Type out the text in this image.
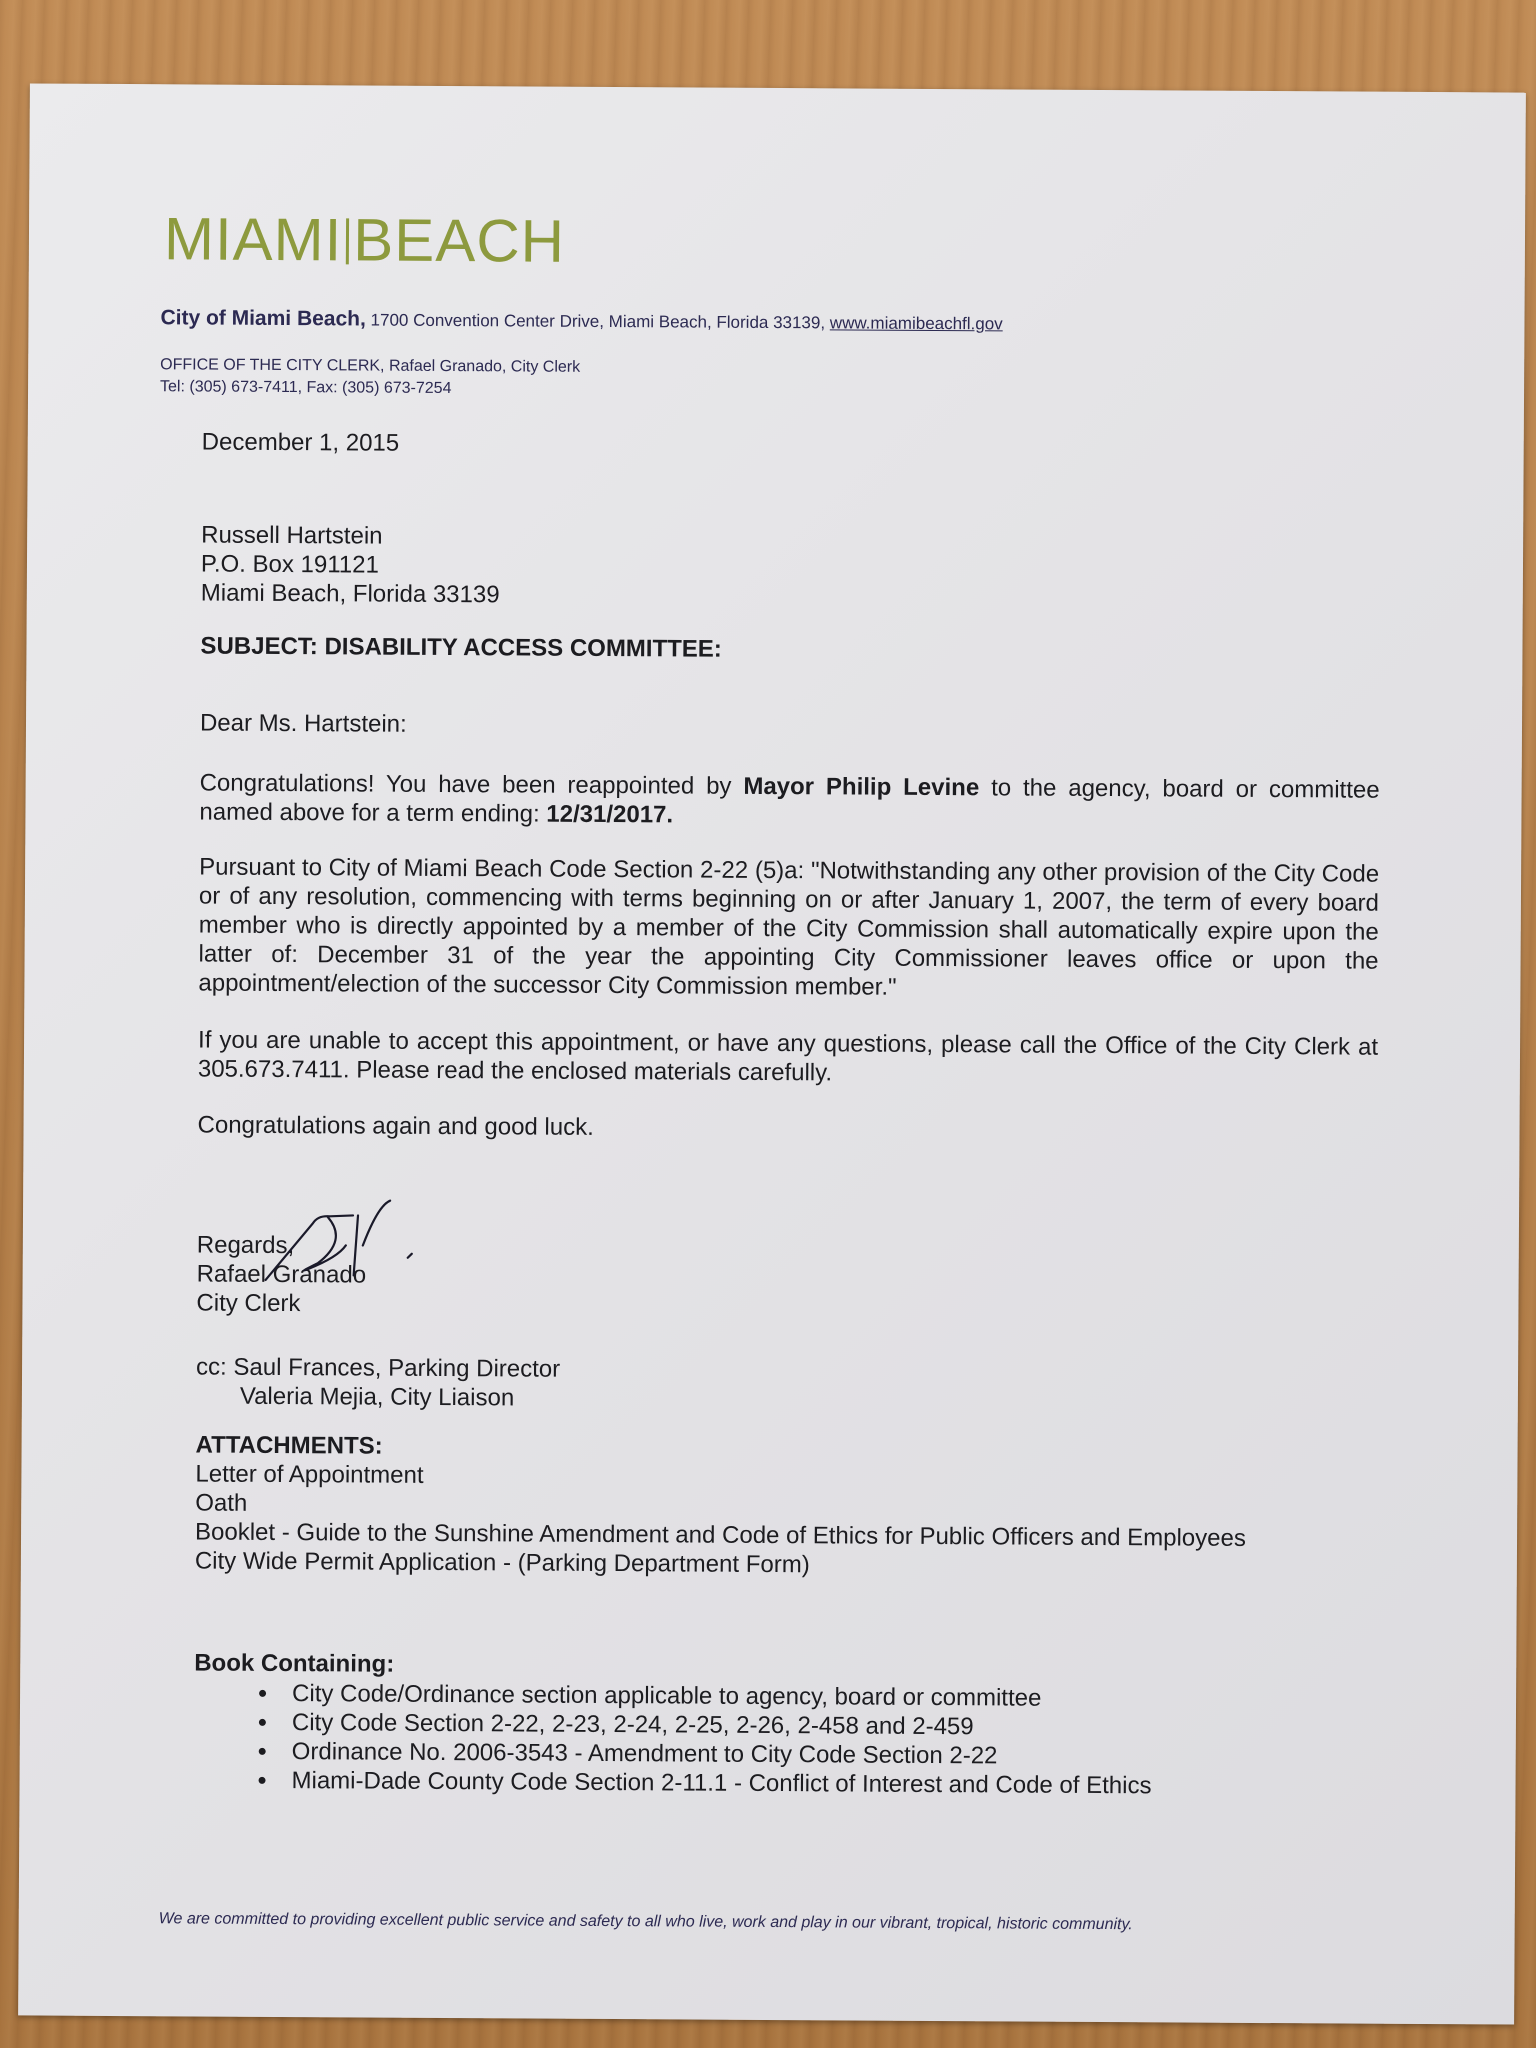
MIAMI BEACH
City of Miami Beach, 1700 Convention Center Drive, Miami Beach, Florida 33139, www.miamibeachfl.gov
OFFICE OF THE CITY CLERK, Rafael Granado, City Clerk
Tel: (305) 673-7411, Fax: (305) 673-7254
December 1, 2015
Russell Hartstein
P.O. Box 191121
Miami Beach, Florida 33139
SUBJECT: DISABILITY ACCESS COMMITTEE:
Dear Ms. Hartstein:
Congratulations! You have been reappointed by Mayor Philip Levine to the agency, board or committee named above for a term ending: 12/31/2017.
Pursuant to City of Miami Beach Code Section 2-22 (5)a: "Notwithstanding any other provision of the City Code or of any resolution, commencing with terms beginning on or after January 1, 2007, the term of every board member who is directly appointed by a member of the City Commission shall automatically expire upon the latter of: December 31 of the year the appointing City Commissioner leaves office or upon the appointment/election of the successor City Commission member."
If you are unable to accept this appointment, or have any questions, please call the Office of the City Clerk at 305.673.7411. Please read the enclosed materials carefully.
Congratulations again and good luck.
Regards,
Rafael Granado
City Clerk
cc: Saul Frances, Parking Director
Valeria Mejia, City Liaison
ATTACHMENTS:
Letter of Appointment
Oath
Booklet - Guide to the Sunshine Amendment and Code of Ethics for Public Officers and Employees
City Wide Permit Application - (Parking Department Form)
Book Containing:
• City Code/Ordinance section applicable to agency, board or committee
• City Code Section 2-22, 2-23, 2-24, 2-25, 2-26, 2-458 and 2-459
• Ordinance No. 2006-3543 - Amendment to City Code Section 2-22
• Miami-Dade County Code Section 2-11.1 - Conflict of Interest and Code of Ethics
We are committed to providing excellent public service and safety to all who live, work and play in our vibrant, tropical, historic community.
